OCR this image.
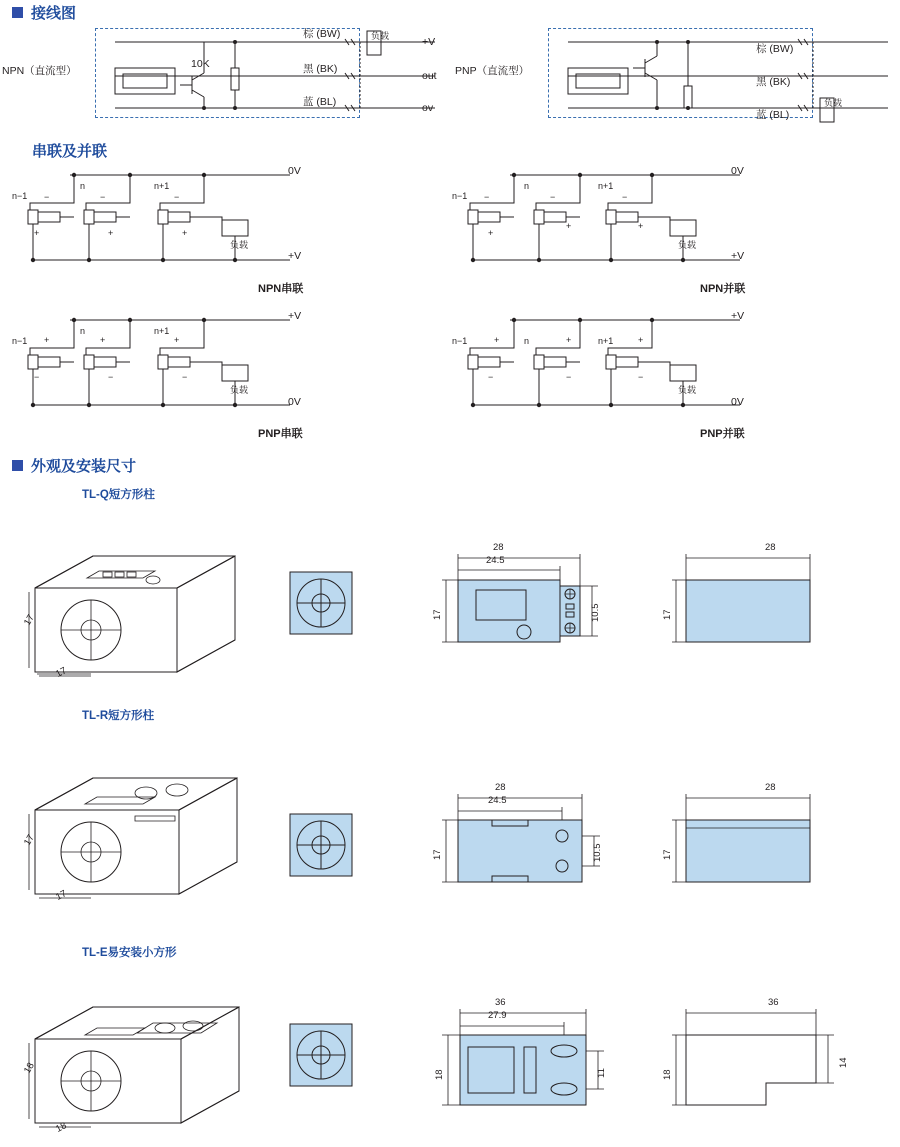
接线图
NPN（直流型）
负载
10K
棕 (BW)
黑 (BK)
蓝 (BL)
+V
out
ov
PNP（直流型）
负载
棕 (BW)
黑 (BK)
蓝 (BL)
串联及并联
0V
+V
n−1
n	n+1
−	−	−
+	+	+
负载
NPN串联
0V
+V
n−1
n	n+1
−	−	−
+
+	+
负载
NPN并联
+V
0V
n−1
n	n+1
+	+	+
−	−	−
负载
PNP串联
+V
0V
n−1	n	n+1
+	+	+
−	−	−
负载
PNP并联
外观及安装尺寸
TL-Q短方形柱
17
17
28
24.5
17	10.5
28
17
TL-R短方形柱
17
17
28
24.5
17	10.5
28
17
TL-E易安装小方形
18
18
36
27.9
18	11
36
18
14
